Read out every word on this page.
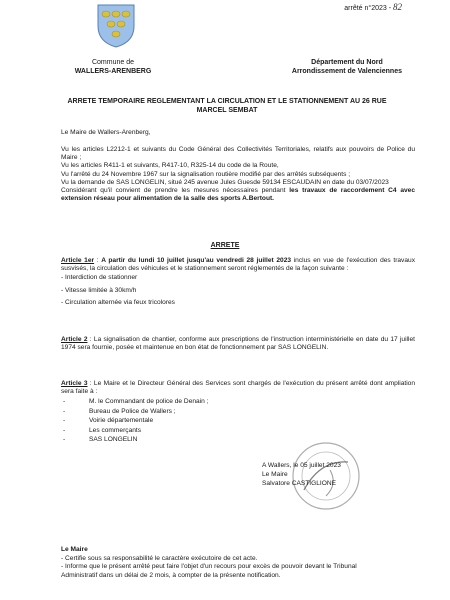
arrêté n°2023 - 82
Commune de
WALLERS-ARENBERG
Département du Nord
Arrondissement de Valenciennes
ARRETE TEMPORAIRE REGLEMENTANT LA CIRCULATION ET LE STATIONNEMENT AU 26 RUE MARCEL SEMBAT
Le Maire de Wallers-Arenberg,

Vu les articles L2212-1 et suivants du Code Général des Collectivités Territoriales, relatifs aux pouvoirs de Police du Maire ;

Vu les articles R411-1 et suivants, R417-10, R325-14 du code de la Route,

Vu l'arrêté du 24 Novembre 1967 sur la signalisation routière modifié par des arrêtés subséquents ;

Vu la demande de SAS LONGELIN, situé 245 avenue Jules Guesde 59134 ESCAUDAIN en date du 03/07/2023

Considérant qu'il convient de prendre les mesures nécessaires pendant les travaux de raccordement C4 avec extension réseau pour alimentation de la salle des sports A.Bertout.

ARRETE

Article 1er : A partir du lundi 10 juillet jusqu'au vendredi 28 juillet 2023 inclus en vue de l'exécution des travaux susvisés, la circulation des véhicules et le stationnement seront réglementés de la façon suivante :

- Interdiction de stationner

- Vitesse limitée à 30km/h

- Circulation alternée via feux tricolores

Article 2 : La signalisation de chantier, conforme aux prescriptions de l'instruction interministérielle en date du 17 juillet 1974 sera fournie, posée et maintenue en bon état de fonctionnement par SAS LONGELIN.
Article 3 : Le Maire et le Directeur Général des Services sont chargés de l'exécution du présent arrêté dont ampliation sera faite à :
- M. le Commandant de police de Denain ;
- Bureau de Police de Wallers ;
- Voirie départementale
- Les commerçants
- SAS LONGELIN
A Wallers, le 05 juillet 2023
Le Maire
Salvatore CASTIGLIONE

Le Maire

- Certifie sous sa responsabilité le caractère exécutoire de cet acte.

- Informe que le présent arrêté peut faire l'objet d'un recours pour excès de pouvoir devant le Tribunal Administratif dans un délai de 2 mois, à compter de la présente notification.
